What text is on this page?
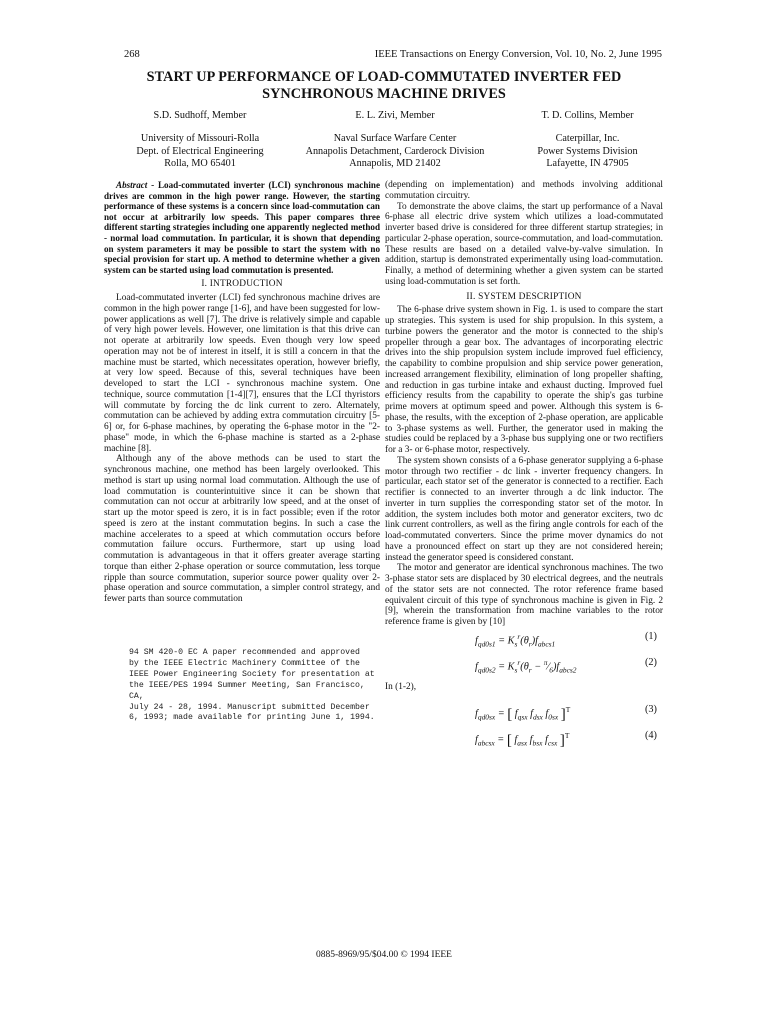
268	IEEE Transactions on Energy Conversion, Vol. 10, No. 2, June 1995
START UP PERFORMANCE OF LOAD-COMMUTATED INVERTER FED
SYNCHRONOUS MACHINE DRIVES
S.D. Sudhoff, Member
University of Missouri-Rolla
Dept. of Electrical Engineering
Rolla, MO 65401
E. L. Zivi, Member
Naval Surface Warfare Center
Annapolis Detachment, Carderock Division
Annapolis, MD 21402
T. D. Collins, Member
Caterpillar, Inc.
Power Systems Division
Lafayette, IN 47905

Abstract - Load-commutated inverter (LCI) synchronous machine drives are common in the high power range. However, the starting performance of these systems is a concern since load-commutation can not occur at arbitrarily low speeds. This paper compares three different starting strategies including one apparently neglected method - normal load commutation. In particular, it is shown that depending on system parameters it may be possible to start the system with no special provision for start up. A method to determine whether a given system can be started using load commutation is presented.

I. INTRODUCTION

Load-commutated inverter (LCI) fed synchronous machine drives are common in the high power range [1-6], and have been suggested for low-power applications as well [7]. The drive is relatively simple and capable of very high power levels. However, one limitation is that this drive can not operate at arbitrarily low speeds. Even though very low speed operation may not be of interest in itself, it is still a concern in that the machine must be started, which necessitates operation, however briefly, at very low speed. Because of this, several techniques have been developed to start the LCI - synchronous machine system. One technique, source commutation [1-4][7], ensures that the LCI thyristors will commutate by forcing the dc link current to zero. Alternately, commutation can be achieved by adding extra commutation circuitry [5-6] or, for 6-phase machines, by operating the 6-phase motor in the "2-phase" mode, in which the 6-phase machine is started as a 2-phase machine [8].

Although any of the above methods can be used to start the synchronous machine, one method has been largely overlooked. This method is start up using normal load commutation. Although the use of load commutation is counterintuitive since it can be shown that commutation can not occur at arbitrarily low speed, and at the onset of start up the motor speed is zero, it is in fact possible; even if the rotor speed is zero at the instant commutation begins. In such a case the machine accelerates to a speed at which commutation occurs before commutation failure occurs. Furthermore, start up using load commutation is advantageous in that it offers greater average starting torque than either 2-phase operation or source commutation, less torque ripple than source commutation, superior source power quality over 2-phase operation and source commutation, a simpler control strategy, and fewer parts than source commutation

94 SM 420-0 EC A paper recommended and approved
by the IEEE Electric Machinery Committee of the
IEEE Power Engineering Society for presentation at
the IEEE/PES 1994 Summer Meeting, San Francisco, CA,
July 24 - 28, 1994. Manuscript submitted December
6, 1993; made available for printing June 1, 1994.

(depending on implementation) and methods involving additional commutation circuitry.

To demonstrate the above claims, the start up performance of a Naval 6-phase all electric drive system which utilizes a load-commutated inverter based drive is considered for three different startup strategies; in particular 2-phase operation, source-commutation, and load-commutation. These results are based on a detailed valve-by-valve simulation. In addition, startup is demonstrated experimentally using load-commutation. Finally, a method of determining whether a given system can be started using load-commutation is set forth.

II. SYSTEM DESCRIPTION

The 6-phase drive system shown in Fig. 1. is used to compare the start up strategies. This system is used for ship propulsion. In this system, a turbine powers the generator and the motor is connected to the ship's propeller through a gear box. The advantages of incorporating electric drives into the ship propulsion system include improved fuel efficiency, the capability to combine propulsion and ship service power generation, increased arrangement flexibility, elimination of long propeller shafting, and reduction in gas turbine intake and exhaust ducting. Improved fuel efficiency results from the capability to operate the ship's gas turbine prime movers at optimum speed and power. Although this system is 6-phase, the results, with the exception of 2-phase operation, are applicable to 3-phase systems as well. Further, the generator used in making the studies could be replaced by a 3-phase bus supplying one or two rectifiers for a 3- or 6-phase motor, respectively.

The system shown consists of a 6-phase generator supplying a 6-phase motor through two rectifier - dc link - inverter frequency changers. In particular, each stator set of the generator is connected to a rectifier. Each rectifier is connected to an inverter through a dc link inductor. The inverter in turn supplies the corresponding stator set of the motor. In addition, the system includes both motor and generator exciters, two dc link current controllers, as well as the firing angle controls for each of the load-commutated converters. Since the prime mover dynamics do not have a pronounced effect on start up they are not considered herein; instead the generator speed is considered constant.

The motor and generator are identical synchronous machines. The two 3-phase stator sets are displaced by 30 electrical degrees, and the neutrals of the stator sets are not connected. The rotor reference frame based equivalent circuit of this type of synchronous machine is given in Fig. 2 [9], wherein the transformation from machine variables to the rotor reference frame is given by [10]

$f_{qd0s1} = K_s^r(\theta_r)f_{abcs1}$
(1)
$f_{qd0s2} = K_s^r(\theta_r$ − $^\pi⁄_6)f_{abcs2}$
(2)
In (1-2),
$f_{qd0sx}$ = [ $f_{qsx}$ $f_{dsx}$ $f_{0sx}$ ]$^T$	(3)
$f_{abcsx}$ = [ $f_{asx}$ $f_{bsx}$ $f_{csx}$ ]$^T$	(4)
0885-8969/95/$04.00 © 1994 IEEE
